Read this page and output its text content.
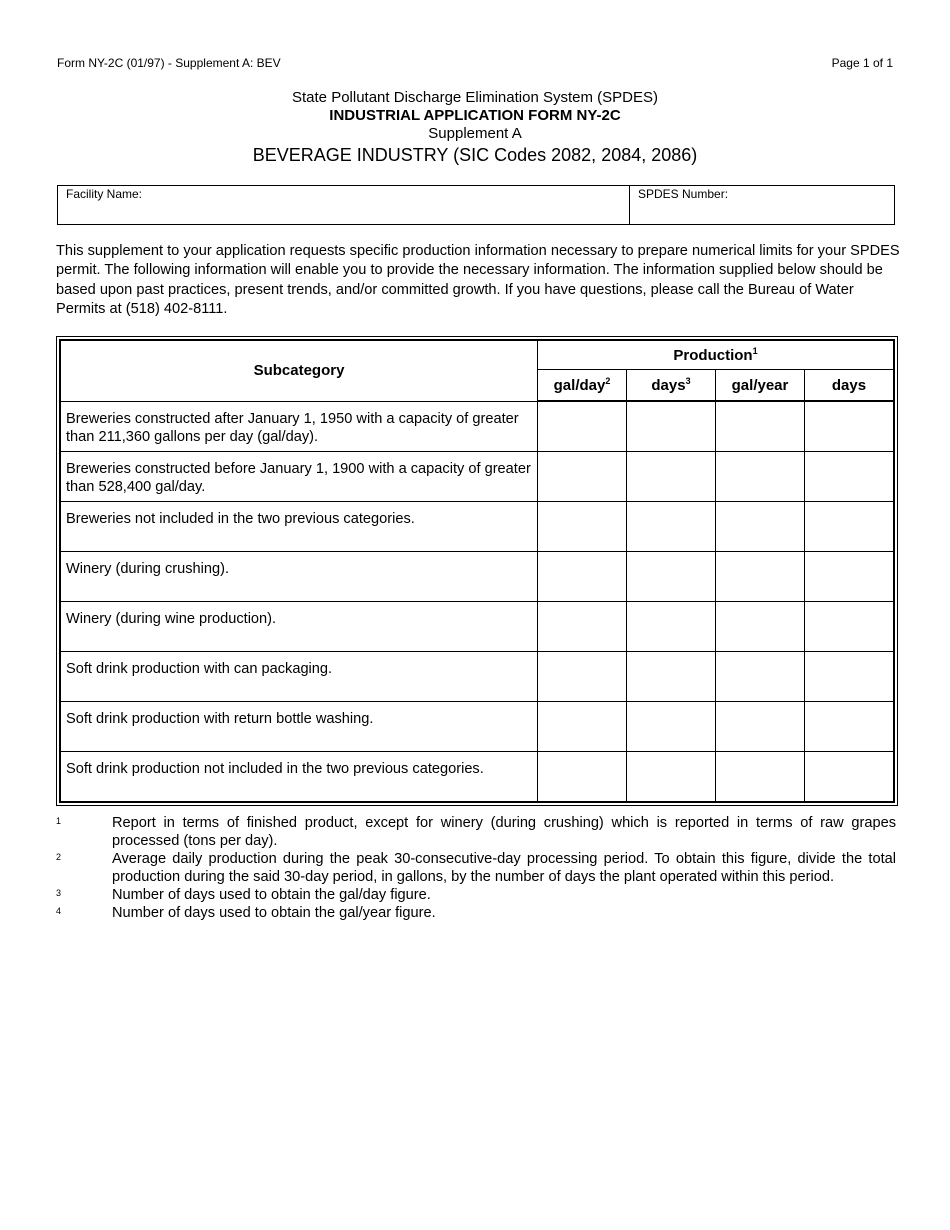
Form NY-2C (01/97) - Supplement A: BEV	Page 1 of 1
State Pollutant Discharge Elimination System (SPDES)
INDUSTRIAL APPLICATION FORM NY-2C
Supplement A
BEVERAGE INDUSTRY (SIC Codes 2082, 2084, 2086)
Facility Name:	SPDES Number:
This supplement to your application requests specific production information necessary to prepare numerical limits for your SPDES permit. The following information will enable you to provide the necessary information. The information supplied below should be based upon past practices, present trends, and/or committed growth. If you have questions, please call the Bureau of Water Permits at (518) 402-8111.
Subcategory	Production$^1$
	gal/day$^2$	days$^3$	gal/year	days
Breweries constructed after January 1, 1950 with a capacity of greater than 211,360 gallons per day (gal/day).				
Breweries constructed before January 1, 1900 with a capacity of greater than 528,400 gal/day.				
Breweries not included in the two previous categories.				
Winery (during crushing).				
Winery (during wine production).				
Soft drink production with can packaging.				
Soft drink production with return bottle washing.				
Soft drink production not included in the two previous categories.				
1	Report in terms of finished product, except for winery (during crushing) which is reported in terms of raw grapes processed (tons per day).
2	Average daily production during the peak 30-consecutive-day processing period. To obtain this figure, divide the total production during the said 30-day period, in gallons, by the number of days the plant operated within this period.
3	Number of days used to obtain the gal/day figure.
4	Number of days used to obtain the gal/year figure.
